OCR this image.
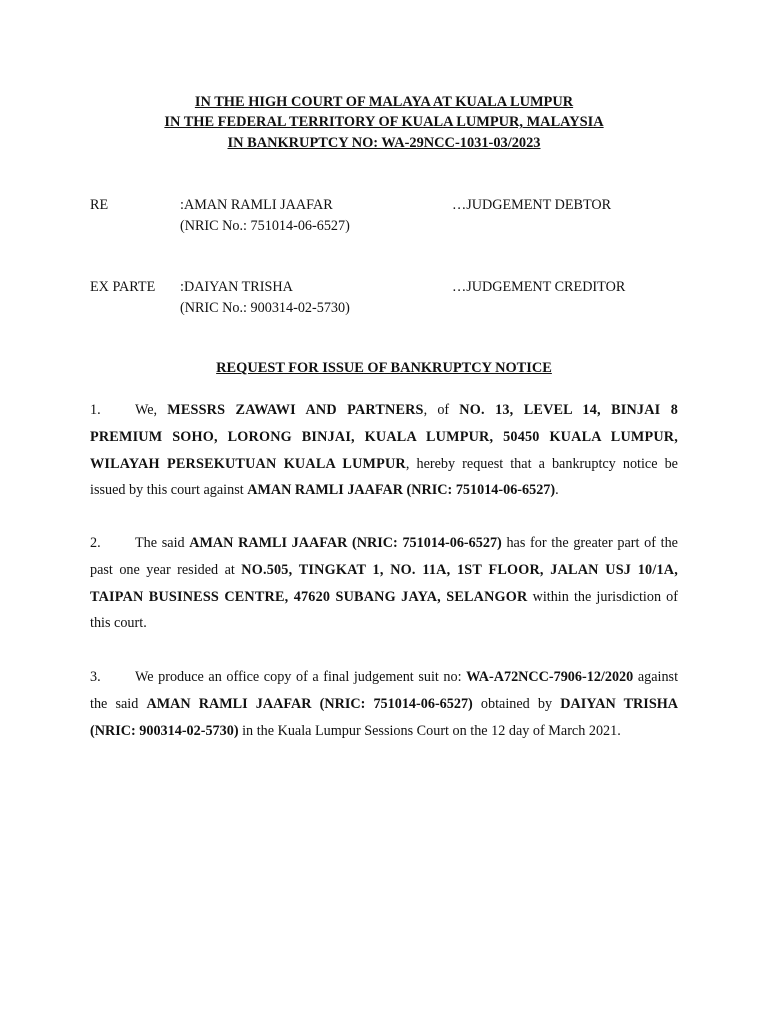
IN THE HIGH COURT OF MALAYA AT KUALA LUMPUR
IN THE FEDERAL TERRITORY OF KUALA LUMPUR, MALAYSIA
IN BANKRUPTCY NO: WA-29NCC-1031-03/2023
RE	:AMAN RAMLI JAAFAR	…JUDGEMENT DEBTOR
(NRIC No.: 751014-06-6527)
EX PARTE :DAIYAN TRISHA	…JUDGEMENT CREDITOR
(NRIC No.: 900314-02-5730)
REQUEST FOR ISSUE OF BANKRUPTCY NOTICE

1. We, MESSRS ZAWAWI AND PARTNERS, of NO. 13, LEVEL 14, BINJAI 8 PREMIUM SOHO, LORONG BINJAI, KUALA LUMPUR, 50450 KUALA LUMPUR, WILAYAH PERSEKUTUAN KUALA LUMPUR, hereby request that a bankruptcy notice be issued by this court against AMAN RAMLI JAAFAR (NRIC: 751014-06-6527).

2. The said AMAN RAMLI JAAFAR (NRIC: 751014-06-6527) has for the greater part of the past one year resided at NO.505, TINGKAT 1, NO. 11A, 1ST FLOOR, JALAN USJ 10/1A, TAIPAN BUSINESS CENTRE, 47620 SUBANG JAYA, SELANGOR within the jurisdiction of this court.

3. We produce an office copy of a final judgement suit no: WA-A72NCC-7906-12/2020 against the said AMAN RAMLI JAAFAR (NRIC: 751014-06-6527) obtained by DAIYAN TRISHA (NRIC: 900314-02-5730) in the Kuala Lumpur Sessions Court on the 12 day of March 2021.
